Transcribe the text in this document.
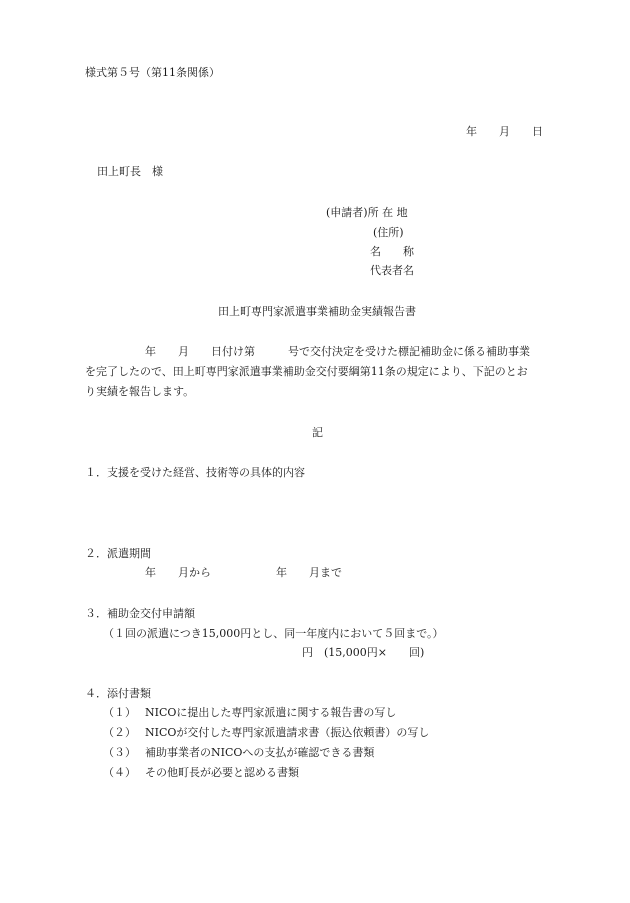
様式第５号（第11条関係）
年　　月　　日
田上町長　様
(申請者)所 在 地
(住所)
名　　称
代表者名
田上町専門家派遣事業補助金実績報告書
年　　月　　日付け第　　　号で交付決定を受けた標記補助金に係る補助事業
を完了したので、田上町専門家派遣事業補助金交付要綱第11条の規定により、下記のとお
り実績を報告します。
記
１．支援を受けた経営、技術等の具体的内容
２．派遣期間
年　　月から	年　　月まで
３．補助金交付申請額
（１回の派遣につき15,000円とし、同一年度内において５回まで。）
円　(15,000円×　　回)
４．添付書類
（１） NICOに提出した専門家派遣に関する報告書の写し
（２） NICOが交付した専門家派遣請求書（振込依頼書）の写し
（３） 補助事業者のNICOへの支払が確認できる書類
（４） その他町長が必要と認める書類
